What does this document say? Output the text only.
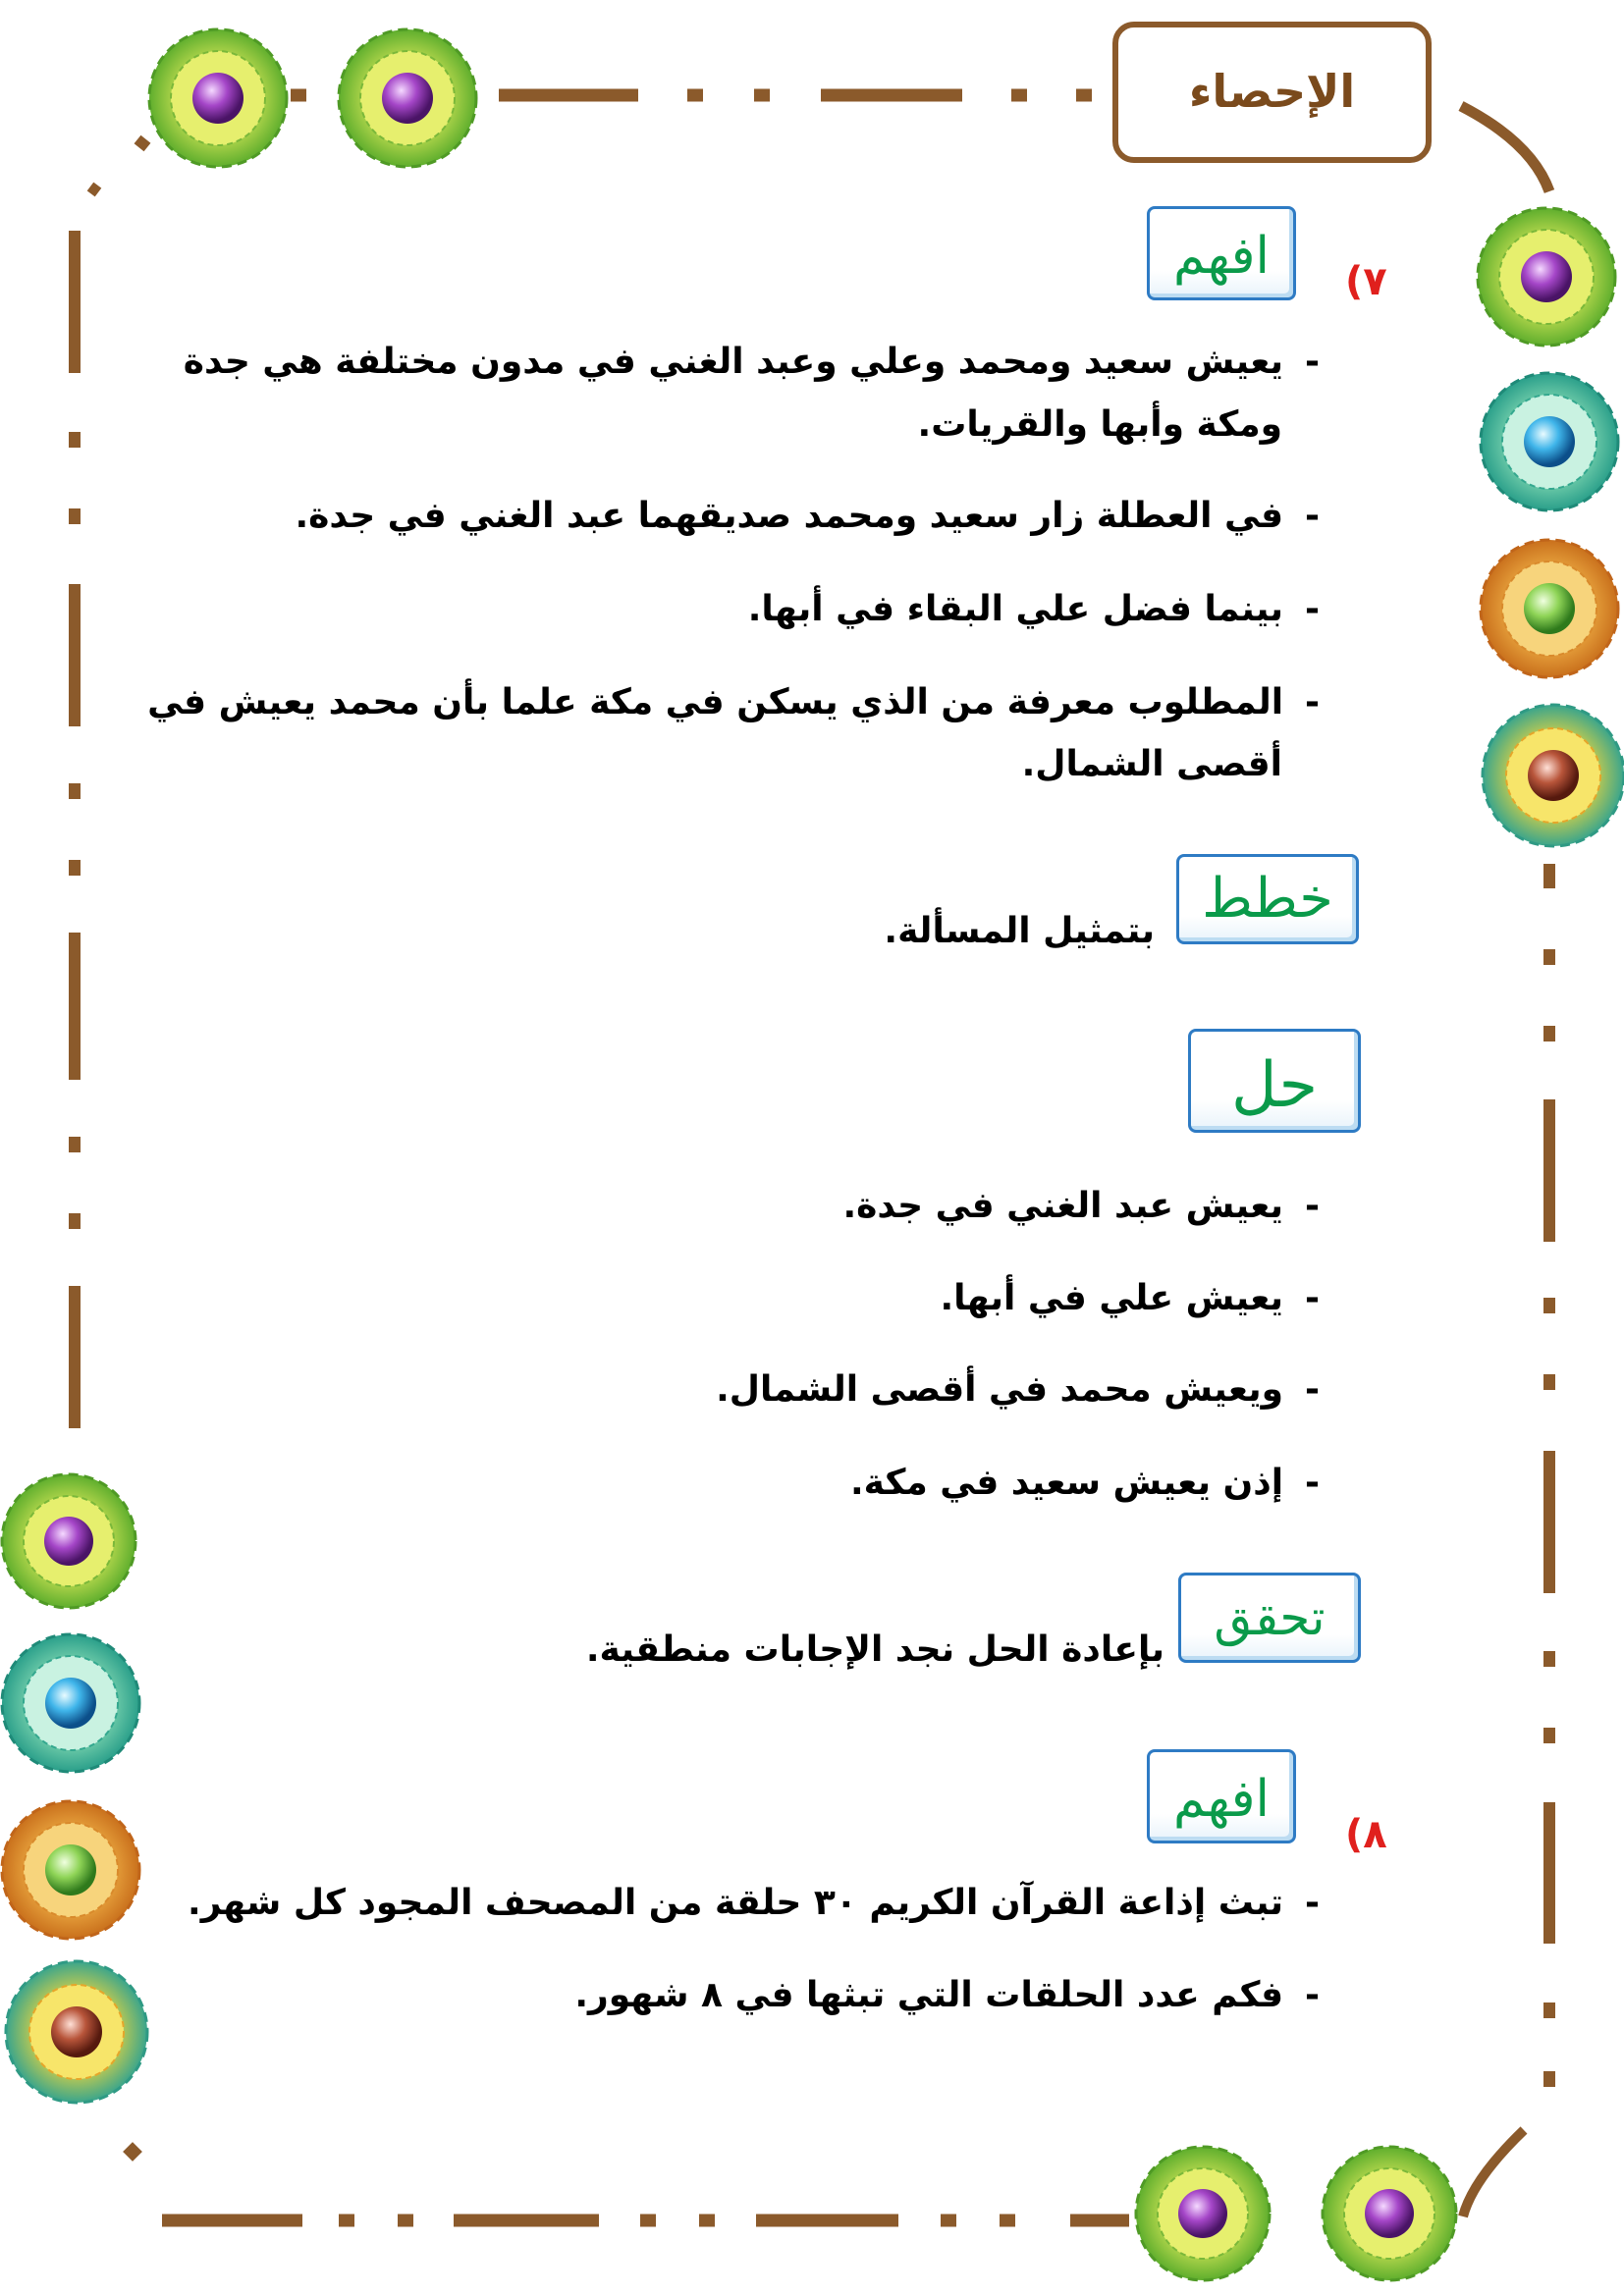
الإحصاء
٧)
افهم
-يعيش سعيد ومحمد وعلي وعبد الغني في مدون مختلفة هي جدة
ومكة وأبها والقريات.
-في العطلة زار سعيد ومحمد صديقهما عبد الغني في جدة.
-بينما فضل علي البقاء في أبها.
-المطلوب معرفة من الذي يسكن في مكة علما بأن محمد يعيش في
أقصى الشمال.
خطط
بتمثيل المسألة.
حل
-يعيش عبد الغني في جدة.
-يعيش علي في أبها.
-ويعيش محمد في أقصى الشمال.
-إذن يعيش سعيد في مكة.
تحقق
بإعادة الحل نجد الإجابات منطقية.
٨)
افهم
-تبث إذاعة القرآن الكريم ٣٠ حلقة من المصحف المجود كل شهر.
-فكم عدد الحلقات التي تبثها في ٨ شهور.
